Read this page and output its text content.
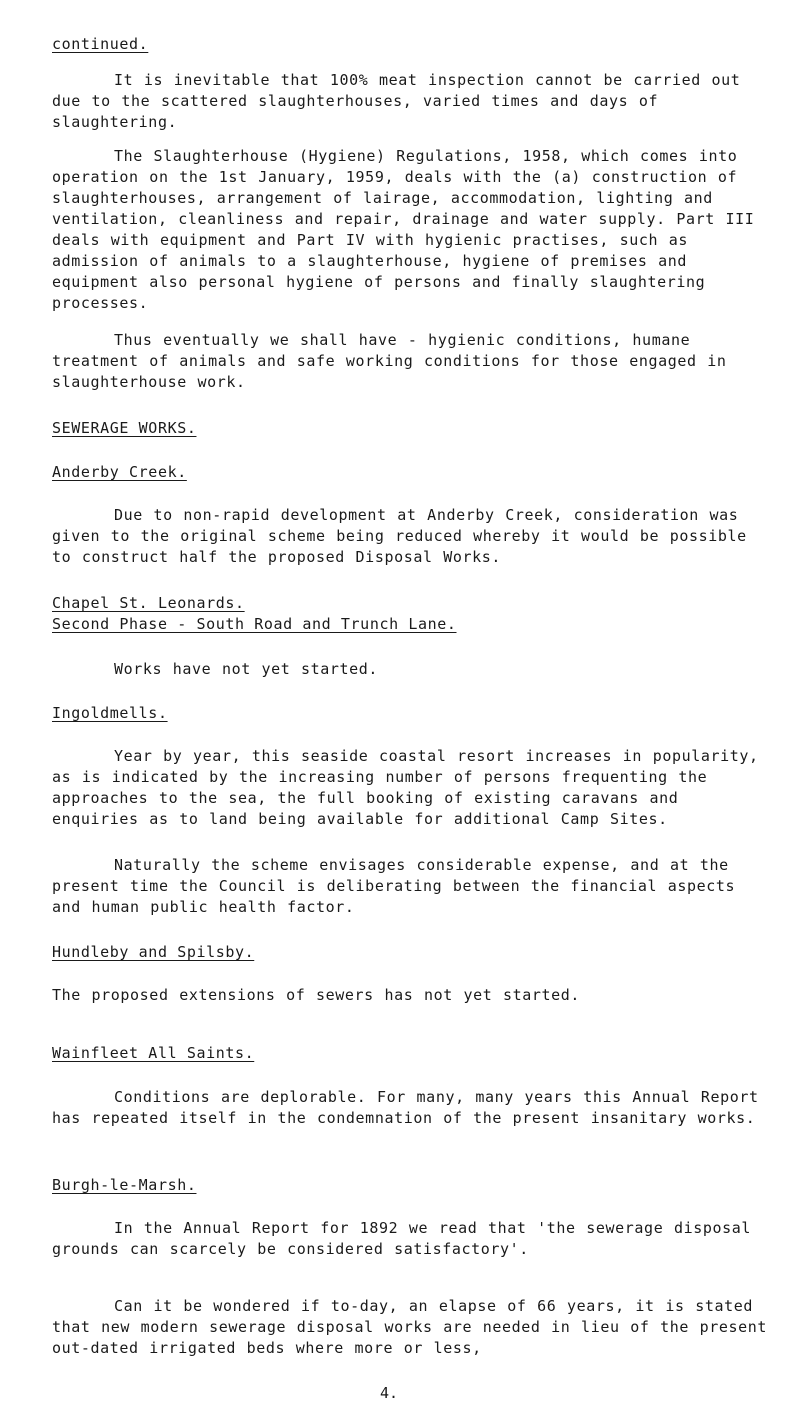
continued.

It is inevitable that 100% meat inspection cannot be carried out due to the scattered slaughterhouses, varied times and days of slaughtering.

The Slaughterhouse (Hygiene) Regulations, 1958, which comes into operation on the 1st January, 1959, deals with the (a) construction of slaughterhouses, arrangement of lairage, accommodation, lighting and ventilation, cleanliness and repair, drainage and water supply. Part III deals with equipment and Part IV with hygienic practises, such as admission of animals to a slaughterhouse, hygiene of premises and equipment also personal hygiene of persons and finally slaughtering processes.

Thus eventually we shall have - hygienic conditions, humane treatment of animals and safe working conditions for those engaged in slaughterhouse work.

SEWERAGE WORKS.

Anderby Creek.

Due to non-rapid development at Anderby Creek, consideration was given to the original scheme being reduced whereby it would be possible to construct half the proposed Disposal Works.

Chapel St. Leonards.

Second Phase - South Road and Trunch Lane.

Works have not yet started.

Ingoldmells.

Year by year, this seaside coastal resort increases in popularity, as is indicated by the increasing number of persons frequenting the approaches to the sea, the full booking of existing caravans and enquiries as to land being available for additional Camp Sites.

Naturally the scheme envisages considerable expense, and at the present time the Council is deliberating between the financial aspects and human public health factor.

Hundleby and Spilsby.

The proposed extensions of sewers has not yet started.

Wainfleet All Saints.

Conditions are deplorable. For many, many years this Annual Report has repeated itself in the condemnation of the present insanitary works.

Burgh-le-Marsh.

In the Annual Report for 1892 we read that 'the sewerage disposal grounds can scarcely be considered satisfactory'.

Can it be wondered if to-day, an elapse of 66 years, it is stated that new modern sewerage disposal works are needed in lieu of the present out-dated irrigated beds where more or less,

4.
